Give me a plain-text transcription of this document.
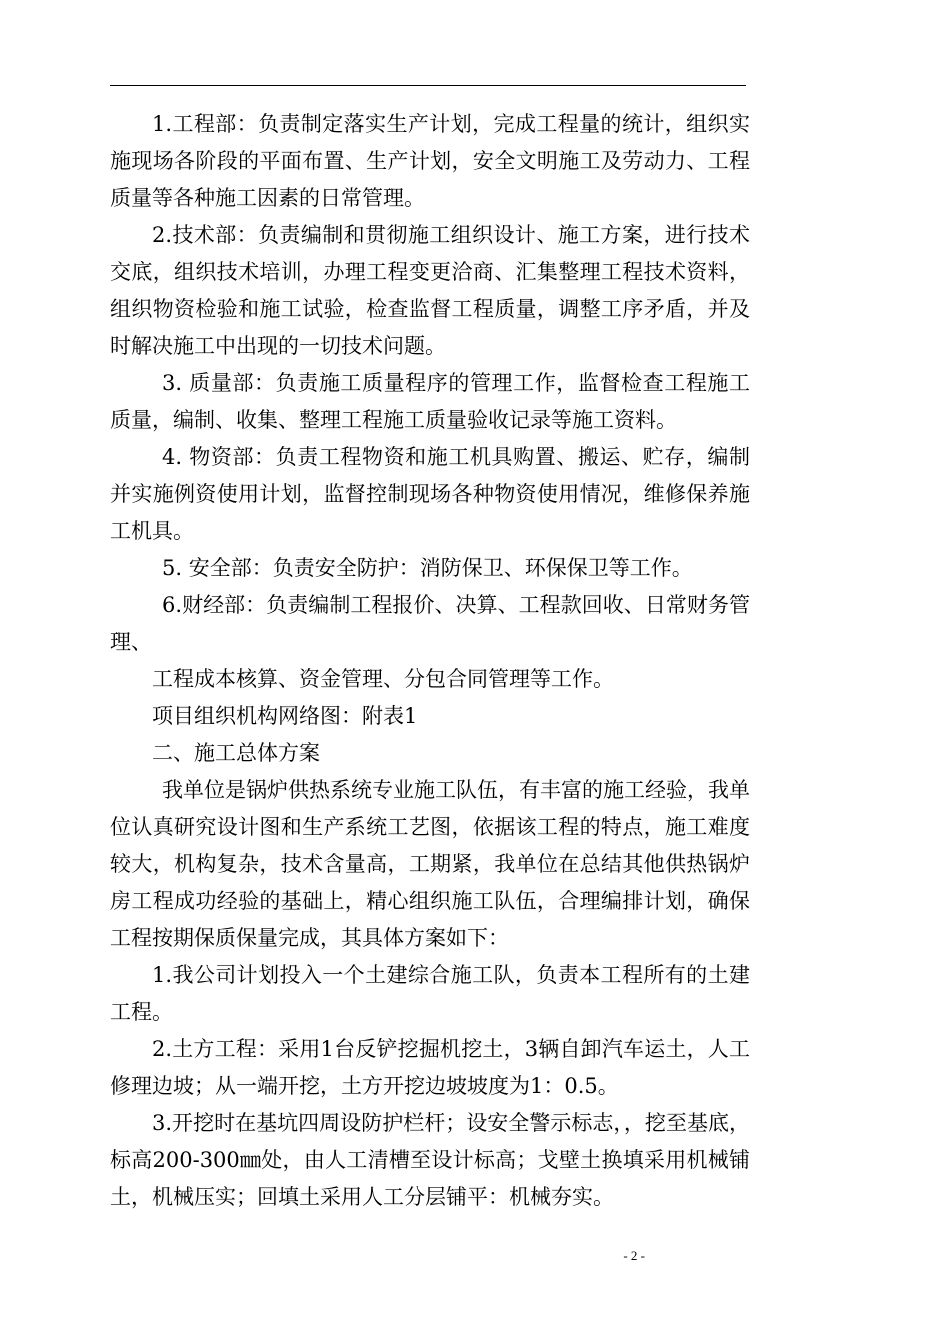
1.工程部：负责制定落实生产计划，完成工程量的统计，组织实施现场各阶段的平面布置、生产计划，安全文明施工及劳动力、工程质量等各种施工因素的日常管理。

2.技术部：负责编制和贯彻施工组织设计、施工方案，进行技术交底，组织技术培训，办理工程变更洽商、汇集整理工程技术资料，组织物资检验和施工试验，检查监督工程质量，调整工序矛盾，并及时解决施工中出现的一切技术问题。

3. 质量部：负责施工质量程序的管理工作，监督检查工程施工质量，编制、收集、整理工程施工质量验收记录等施工资料。

4. 物资部：负责工程物资和施工机具购置、搬运、贮存，编制并实施例资使用计划，监督控制现场各种物资使用情况，维修保养施工机具。

5. 安全部：负责安全防护：消防保卫、环保保卫等工作。

6.财经部：负责编制工程报价、决算、工程款回收、日常财务管理、

工程成本核算、资金管理、分包合同管理等工作。

项目组织机构网络图：附表1

二、施工总体方案

我单位是锅炉供热系统专业施工队伍，有丰富的施工经验，我单位认真研究设计图和生产系统工艺图，依据该工程的特点，施工难度较大，机构复杂，技术含量高，工期紧，我单位在总结其他供热锅炉房工程成功经验的基础上，精心组织施工队伍，合理编排计划，确保工程按期保质保量完成，其具体方案如下：

1.我公司计划投入一个土建综合施工队，负责本工程所有的土建工程。

2.土方工程：采用1台反铲挖掘机挖土，3辆自卸汽车运土，人工修理边坡；从一端开挖，土方开挖边坡坡度为1：0.5。

3.开挖时在基坑四周设防护栏杆；设安全警示标志，，挖至基底，标高200-300㎜处，由人工清槽至设计标高；戈壁土换填采用机械铺土，机械压实；回填土采用人工分层铺平：机械夯实。

- 2 -
